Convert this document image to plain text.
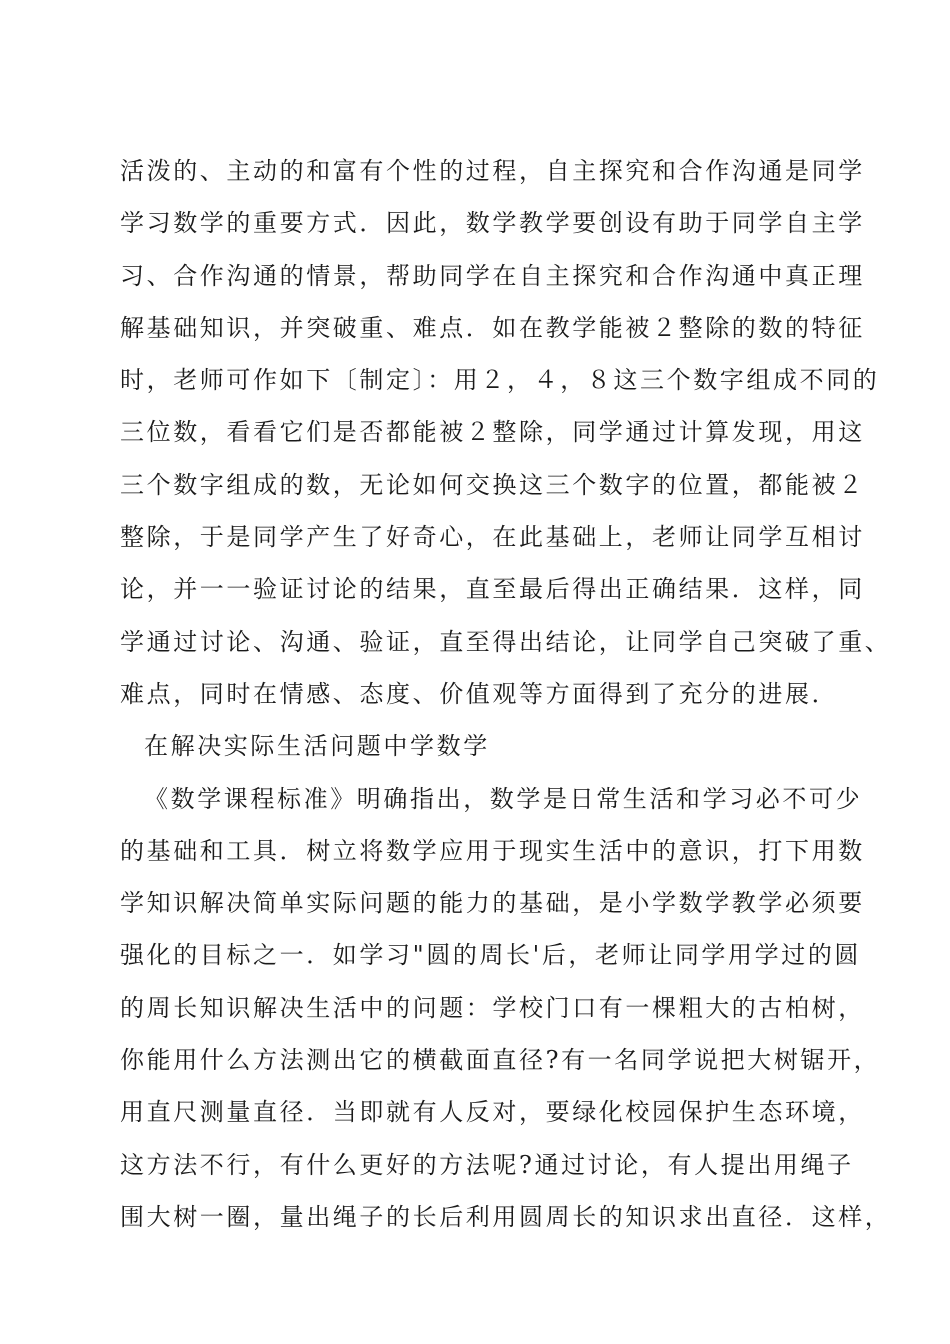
活泼的、主动的和富有个性的过程，自主探究和合作沟通是同学
学习数学的重要方式．因此，数学教学要创设有助于同学自主学
习、合作沟通的情景，帮助同学在自主探究和合作沟通中真正理
解基础知识，并突破重、难点．如在教学能被２整除的数的特征
时，老师可作如下〔制定〕：用２，４，８这三个数字组成不同的
三位数，看看它们是否都能被２整除，同学通过计算发现，用这
三个数字组成的数，无论如何交换这三个数字的位置，都能被２
整除，于是同学产生了好奇心，在此基础上，老师让同学互相讨
论，并一一验证讨论的结果，直至最后得出正确结果．这样，同
学通过讨论、沟通、验证，直至得出结论，让同学自己突破了重、
难点，同时在情感、态度、价值观等方面得到了充分的进展．
在解决实际生活问题中学数学
《数学课程标准》明确指出，数学是日常生活和学习必不可少
的基础和工具．树立将数学应用于现实生活中的意识，打下用数
学知识解决简单实际问题的能力的基础，是小学数学教学必须要
强化的目标之一．如学习"圆的周长'后，老师让同学用学过的圆
的周长知识解决生活中的问题：学校门口有一棵粗大的古柏树，
你能用什么方法测出它的横截面直径?有一名同学说把大树锯开，
用直尺测量直径．当即就有人反对，要绿化校园保护生态环境，
这方法不行，有什么更好的方法呢?通过讨论，有人提出用绳子
围大树一圈，量出绳子的长后利用圆周长的知识求出直径．这样，
